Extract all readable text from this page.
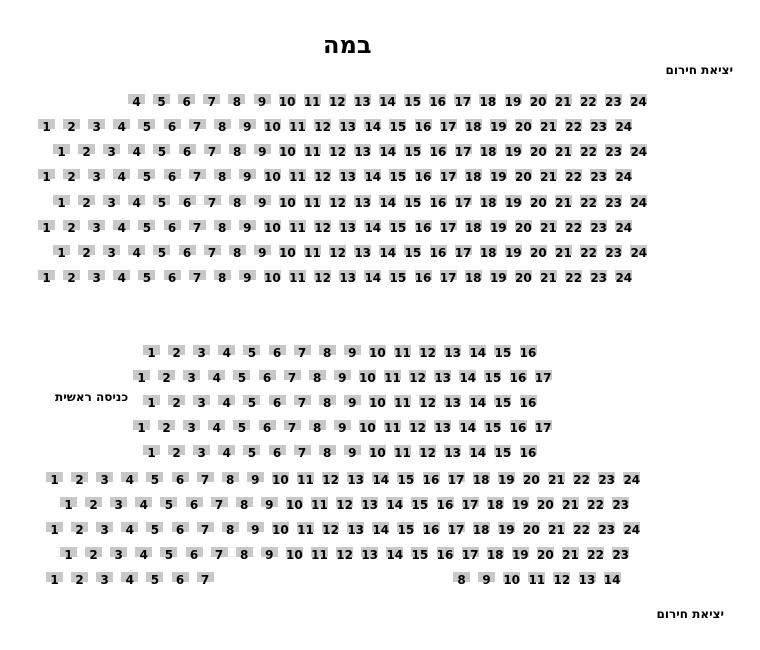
במה
יציאת חירום
כניסה ראשית
יציאת חירום
4	5	6	7	8	9	10 11 12 13 14 15 16 17 18 19 20 21 22 23 24
1	2	3	4	5	6	7	8	9	10 11 12 13 14 15 16 17 18 19 20 21 22 23 24
1	2	3	4	5	6	7	8	9	10 11 12 13 14 15 16 17 18 19 20 21 22 23 24
1	2	3	4	5	6	7	8	9	10 11 12 13 14 15 16 17 18 19 20 21 22 23 24
1	2	3	4	5	6	7	8	9	10 11 12 13 14 15 16 17 18 19 20 21 22 23 24
1	2	3	4	5	6	7	8	9	10 11 12 13 14 15 16 17 18 19 20 21 22 23 24
1	2	3	4	5	6	7	8	9	10 11 12 13 14 15 16 17 18 19 20 21 22 23 24
1	2	3	4	5	6	7	8	9	10 11 12 13 14 15 16 17 18 19 20 21 22 23 24
1	2	3	4	5	6	7	8	9	10 11 12 13 14 15 16
1	2	3	4	5	6	7	8	9	10 11 12 13 14 15 16 17
1	2	3	4	5	6	7	8	9	10 11 12 13 14 15 16
1	2	3	4	5	6	7	8	9	10 11 12 13 14 15 16 17
1	2	3	4	5	6	7	8	9	10 11 12 13 14 15 16
1	2	3	4	5	6	7	8	9	10 11 12 13 14 15 16 17 18 19 20 21 22 23 24
1	2	3	4	5	6	7	8	9	10 11 12 13 14 15 16 17 18 19 20 21 22 23
1	2	3	4	5	6	7	8	9	10 11 12 13 14 15 16 17 18 19 20 21 22 23 24
1	2	3	4	5	6	7	8	9	10 11 12 13 14 15 16 17 18 19 20 21 22 23
1	2	3	4	5	6	7	8	9	10 11 12 13 14
